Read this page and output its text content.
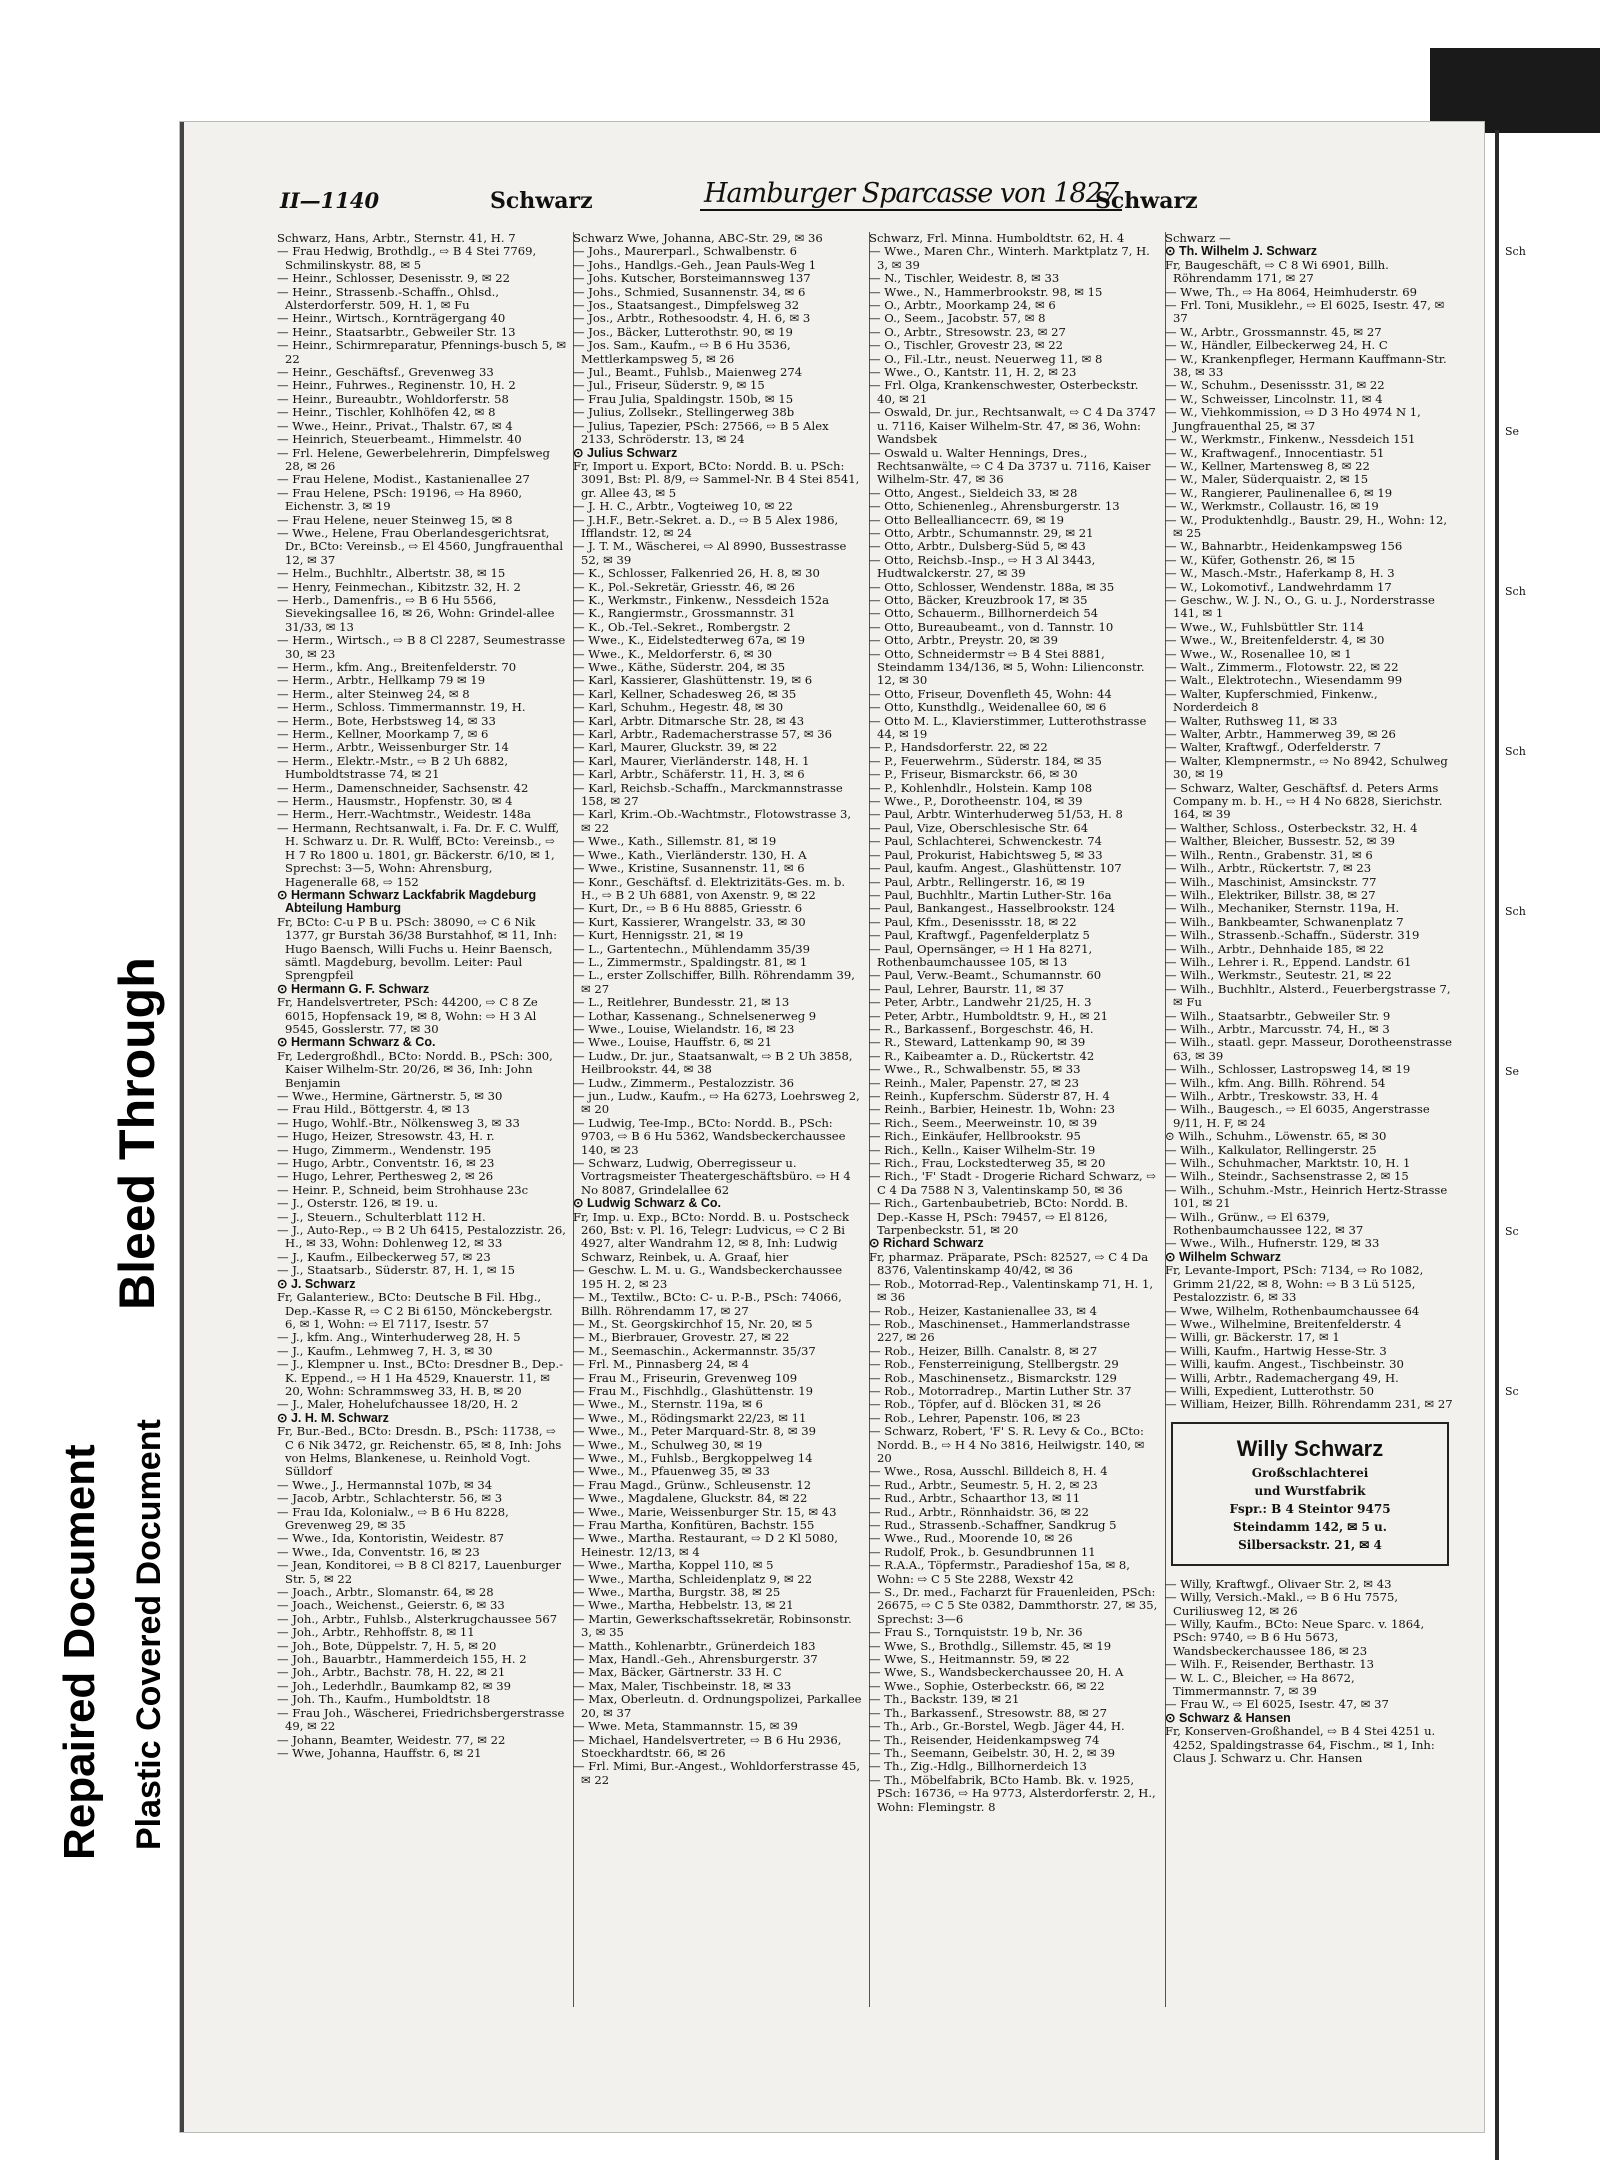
Bleed Through
Repaired Document Plastic Covered Document
II—1140	Schwarz	Hamburger Sparcasse von 1827
Schwarz

Schwarz, Hans, Arbtr., Sternstr. 41, H. 7

— Frau Hedwig, Brothdlg., ⇨ B 4 Stei 7769, Schmilinskystr. 88, ✉ 5

— Heinr., Schlosser, Desenisstr. 9, ✉ 22

— Heinr., Strassenb.-Schaffn., Ohlsd., Alsterdorferstr. 509, H. 1, ✉ Fu

— Heinr., Wirtsch., Kornträgergang 40

— Heinr., Staatsarbtr., Gebweiler Str. 13

— Heinr., Schirmreparatur, Pfennings-busch 5, ✉ 22

— Heinr., Geschäftsf., Grevenweg 33

— Heinr., Fuhrwes., Reginenstr. 10, H. 2

— Heinr., Bureaubtr., Wohldorferstr. 58

— Heinr., Tischler, Kohlhöfen 42, ✉ 8

— Wwe., Heinr., Privat., Thalstr. 67, ✉ 4

— Heinrich, Steuerbeamt., Himmelstr. 40

— Frl. Helene, Gewerbelehrerin, Dimpfelsweg 28, ✉ 26

— Frau Helene, Modist., Kastanienallee 27

— Frau Helene, PSch: 19196, ⇨ Ha 8960, Eichenstr. 3, ✉ 19

— Frau Helene, neuer Steinweg 15, ✉ 8

— Wwe., Helene, Frau Oberlandesgerichtsrat, Dr., BCto: Vereinsb., ⇨ El 4560, Jungfrauenthal 12, ✉ 37

— Helm., Buchhltr., Albertstr. 38, ✉ 15

— Henry, Feinmechan., Kibitzstr. 32, H. 2

— Herb., Damenfris., ⇨ B 6 Hu 5566, Sievekingsallee 16, ✉ 26, Wohn: Grindel-allee 31/33, ✉ 13

— Herm., Wirtsch., ⇨ B 8 Cl 2287, Seumestrasse 30, ✉ 23

— Herm., kfm. Ang., Breitenfelderstr. 70

— Herm., Arbtr., Hellkamp 79 ✉ 19

— Herm., alter Steinweg 24, ✉ 8

— Herm., Schloss. Timmermannstr. 19, H.

— Herm., Bote, Herbstsweg 14, ✉ 33

— Herm., Kellner, Moorkamp 7, ✉ 6

— Herm., Arbtr., Weissenburger Str. 14

— Herm., Elektr.-Mstr., ⇨ B 2 Uh 6882, Humboldtstrasse 74, ✉ 21

— Herm., Damenschneider, Sachsenstr. 42

— Herm., Hausmstr., Hopfenstr. 30, ✉ 4

— Herm., Herr.-Wachtmstr., Weidestr. 148a

— Hermann, Rechtsanwalt, i. Fa. Dr. F. C. Wulff, H. Schwarz u. Dr. R. Wulff, BCto: Vereinsb., ⇨ H 7 Ro 1800 u. 1801, gr. Bäckerstr. 6/10, ✉ 1, Sprechst: 3—5, Wohn: Ahrensburg, Hageneralle 68, ⇨ 152

⊙ Hermann Schwarz Lackfabrik Magdeburg Abteilung Hamburg

Fr, BCto: C-u P B u. PSch: 38090, ⇨ C 6 Nik 1377, gr Burstah 36/38 Burstahhof, ✉ 11, Inh: Hugo Baensch, Willi Fuchs u. Heinr Baensch, sämtl. Magdeburg, bevollm. Leiter: Paul Sprengpfeil

⊙ Hermann G. F. Schwarz

Fr, Handelsvertreter, PSch: 44200, ⇨ C 8 Ze 6015, Hopfensack 19, ✉ 8, Wohn: ⇨ H 3 Al 9545, Gosslerstr. 77, ✉ 30

⊙ Hermann Schwarz & Co.

Fr, Ledergroßhdl., BCto: Nordd. B., PSch: 300, Kaiser Wilhelm-Str. 20/26, ✉ 36, Inh: John Benjamin

— Wwe., Hermine, Gärtnerstr. 5, ✉ 30

— Frau Hild., Böttgerstr. 4, ✉ 13

— Hugo, Wohlf.-Btr., Nölkensweg 3, ✉ 33

— Hugo, Heizer, Stresowstr. 43, H. r.

— Hugo, Zimmerm., Wendenstr. 195

— Hugo, Arbtr., Conventstr. 16, ✉ 23

— Hugo, Lehrer, Perthesweg 2, ✉ 26

— Heinr. P., Schneid, beim Strohhause 23c

— J., Osterstr. 126, ✉ 19. u.

— J., Steuern., Schulterblatt 112 H.

— J., Auto-Rep., ⇨ B 2 Uh 6415, Pestalozzistr. 26, H., ✉ 33, Wohn: Dohlenweg 12, ✉ 33

— J., Kaufm., Eilbeckerweg 57, ✉ 23

— J., Staatsarb., Süderstr. 87, H. 1, ✉ 15

⊙ J. Schwarz

Fr, Galanteriew., BCto: Deutsche B Fil. Hbg., Dep.-Kasse R, ⇨ C 2 Bi 6150, Mönckebergstr. 6, ✉ 1, Wohn: ⇨ El 7117, Isestr. 57

— J., kfm. Ang., Winterhuderweg 28, H. 5

— J., Kaufm., Lehmweg 7, H. 3, ✉ 30

— J., Klempner u. Inst., BCto: Dresdner B., Dep.-K. Eppend., ⇨ H 1 Ha 4529, Knauerstr. 11, ✉ 20, Wohn: Schrammsweg 33, H. B, ✉ 20

— J., Maler, Hohelufchaussee 18/20, H. 2

⊙ J. H. M. Schwarz

Fr, Bur.-Bed., BCto: Dresdn. B., PSch: 11738, ⇨ C 6 Nik 3472, gr. Reichenstr. 65, ✉ 8, Inh: Johs von Helms, Blankenese, u. Reinhold Vogt. Sülldorf

— Wwe., J., Hermannstal 107b, ✉ 34

— Jacob, Arbtr., Schlachterstr. 56, ✉ 3

— Frau Ida, Kolonialw., ⇨ B 6 Hu 8228, Grevenweg 29, ✉ 35

— Wwe., Ida, Kontoristin, Weidestr. 87

— Wwe., Ida, Conventstr. 16, ✉ 23

— Jean, Konditorei, ⇨ B 8 Cl 8217, Lauenburger Str. 5, ✉ 22

— Joach., Arbtr., Slomanstr. 64, ✉ 28

— Joach., Weichenst., Geierstr. 6, ✉ 33

— Joh., Arbtr., Fuhlsb., Alsterkrugchaussee 567

— Joh., Arbtr., Rehhoffstr. 8, ✉ 11

— Joh., Bote, Düppelstr. 7, H. 5, ✉ 20

— Joh., Bauarbtr., Hammerdeich 155, H. 2

— Joh., Arbtr., Bachstr. 78, H. 22, ✉ 21

— Joh., Lederhdlr., Baumkamp 82, ✉ 39

— Joh. Th., Kaufm., Humboldtstr. 18

— Frau Joh., Wäscherei, Friedrichsbergerstrasse 49, ✉ 22

— Johann, Beamter, Weidestr. 77, ✉ 22

— Wwe, Johanna, Hauffstr. 6, ✉ 21

Schwarz Wwe, Johanna, ABC-Str. 29, ✉ 36

— Johs., Maurerparl., Schwalbenstr. 6

— Johs., Handlgs.-Geh., Jean Pauls-Weg 1

— Johs. Kutscher, Borsteimannsweg 137

— Johs., Schmied, Susannenstr. 34, ✉ 6

— Jos., Staatsangest., Dimpfelsweg 32

— Jos., Arbtr., Rothesoodstr. 4, H. 6, ✉ 3

— Jos., Bäcker, Lutterothstr. 90, ✉ 19

— Jos. Sam., Kaufm., ⇨ B 6 Hu 3536, Mettlerkampsweg 5, ✉ 26

— Jul., Beamt., Fuhlsb., Maienweg 274

— Jul., Friseur, Süderstr. 9, ✉ 15

— Frau Julia, Spaldingstr. 150b, ✉ 15

— Julius, Zollsekr., Stellingerweg 38b

— Julius, Tapezier, PSch: 27566, ⇨ B 5 Alex 2133, Schröderstr. 13, ✉ 24

⊙ Julius Schwarz

Fr, Import u. Export, BCto: Nordd. B. u. PSch: 3091, Bst: Pl. 8/9, ⇨ Sammel-Nr. B 4 Stei 8541, gr. Allee 43, ✉ 5

— J. H. C., Arbtr., Vogteiweg 10, ✉ 22

— J.H.F., Betr.-Sekret. a. D., ⇨ B 5 Alex 1986, Ifflandstr. 12, ✉ 24

— J. T. M., Wäscherei, ⇨ Al 8990, Bussestrasse 52, ✉ 39

— K., Schlosser, Falkenried 26, H. 8, ✉ 30

— K., Pol.-Sekretär, Griesstr. 46, ✉ 26

— K., Werkmstr., Finkenw., Nessdeich 152a

— K., Rangiermstr., Grossmannstr. 31

— K., Ob.-Tel.-Sekret., Rombergstr. 2

— Wwe., K., Eidelstedterweg 67a, ✉ 19

— Wwe., K., Meldorferstr. 6, ✉ 30

— Wwe., Käthe, Süderstr. 204, ✉ 35

— Karl, Kassierer, Glashüttenstr. 19, ✉ 6

— Karl, Kellner, Schadesweg 26, ✉ 35

— Karl, Schuhm., Hegestr. 48, ✉ 30

— Karl, Arbtr. Ditmarsche Str. 28, ✉ 43

— Karl, Arbtr., Rademacherstrasse 57, ✉ 36

— Karl, Maurer, Gluckstr. 39, ✉ 22

— Karl, Maurer, Vierländerstr. 148, H. 1

— Karl, Arbtr., Schäferstr. 11, H. 3, ✉ 6

— Karl, Reichsb.-Schaffn., Marckmannstrasse 158, ✉ 27

— Karl, Krim.-Ob.-Wachtmstr., Flotowstrasse 3, ✉ 22

— Wwe., Kath., Sillemstr. 81, ✉ 19

— Wwe., Kath., Vierländerstr. 130, H. A

— Wwe., Kristine, Susannenstr. 11, ✉ 6

— Konr., Geschäftsf. d. Elektrizitäts-Ges. m. b. H., ⇨ B 2 Uh 6881, von Axenstr. 9, ✉ 22

— Kurt, Dr., ⇨ B 6 Hu 8885, Griesstr. 6

— Kurt, Kassierer, Wrangelstr. 33, ✉ 30

— Kurt, Hennigsstr. 21, ✉ 19

— L., Gartentechn., Mühlendamm 35/39

— L., Zimmermstr., Spaldingstr. 81, ✉ 1

— L., erster Zollschiffer, Billh. Röhrendamm 39, ✉ 27

— L., Reitlehrer, Bundesstr. 21, ✉ 13

— Lothar, Kassenang., Schnelsenerweg 9

— Wwe., Louise, Wielandstr. 16, ✉ 23

— Wwe., Louise, Hauffstr. 6, ✉ 21

— Ludw., Dr. jur., Staatsanwalt, ⇨ B 2 Uh 3858, Heilbrookstr. 44, ✉ 38

— Ludw., Zimmerm., Pestalozzistr. 36

— jun., Ludw., Kaufm., ⇨ Ha 6273, Loehrsweg 2, ✉ 20

— Ludwig, Tee-Imp., BCto: Nordd. B., PSch: 9703, ⇨ B 6 Hu 5362, Wandsbeckerchaussee 140, ✉ 23

— Schwarz, Ludwig, Oberregisseur u. Vortragsmeister Theatergeschäftsbüro. ⇨ H 4 No 8087, Grindelallee 62

⊙ Ludwig Schwarz & Co.

Fr, Imp. u. Exp., BCto: Nordd. B. u. Postscheck 260, Bst: v. Pl. 16, Telegr: Ludvicus, ⇨ C 2 Bi 4927, alter Wandrahm 12, ✉ 8, Inh: Ludwig Schwarz, Reinbek, u. A. Graaf, hier

— Geschw. L. M. u. G., Wandsbeckerchaussee 195 H. 2, ✉ 23

— M., Textilw., BCto: C- u. P.-B., PSch: 74066, Billh. Röhrendamm 17, ✉ 27

— M., St. Georgskirchhof 15, Nr. 20, ✉ 5

— M., Bierbrauer, Grovestr. 27, ✉ 22

— M., Seemaschin., Ackermannstr. 35/37

— Frl. M., Pinnasberg 24, ✉ 4

— Frau M., Friseurin, Grevenweg 109

— Frau M., Fischhdlg., Glashüttenstr. 19

— Wwe., M., Sternstr. 119a, ✉ 6

— Wwe., M., Rödingsmarkt 22/23, ✉ 11

— Wwe., M., Peter Marquard-Str. 8, ✉ 39

— Wwe., M., Schulweg 30, ✉ 19

— Wwe., M., Fuhlsb., Bergkoppelweg 14

— Wwe., M., Pfauenweg 35, ✉ 33

— Frau Magd., Grünw., Schleusenstr. 12

— Wwe., Magdalene, Gluckstr. 84, ✉ 22

— Wwe., Marie, Weissenburger Str. 15, ✉ 43

— Frau Martha, Konfitüren, Bachstr. 155

— Wwe., Martha. Restaurant, ⇨ D 2 Kl 5080, Heinestr. 12/13, ✉ 4

— Wwe., Martha, Koppel 110, ✉ 5

— Wwe., Martha, Schleidenplatz 9, ✉ 22

— Wwe., Martha, Burgstr. 38, ✉ 25

— Wwe., Martha, Hebbelstr. 13, ✉ 21

— Martin, Gewerkschaftssekretär, Robinsonstr. 3, ✉ 35

— Matth., Kohlenarbtr., Grünerdeich 183

— Max, Handl.-Geh., Ahrensburgerstr. 37

— Max, Bäcker, Gärtnerstr. 33 H. C

— Max, Maler, Tischbeinstr. 18, ✉ 33

— Max, Oberleutn. d. Ordnungspolizei, Parkallee 20, ✉ 37

— Wwe. Meta, Stammannstr. 15, ✉ 39

— Michael, Handelsvertreter, ⇨ B 6 Hu 2936, Stoeckhardtstr. 66, ✉ 26

— Frl. Mimi, Bur.-Angest., Wohldorferstrasse 45, ✉ 22

Schwarz, Frl. Minna. Humboldtstr. 62, H. 4

— Wwe., Maren Chr., Winterh. Marktplatz 7, H. 3, ✉ 39

— N., Tischler, Weidestr. 8, ✉ 33

— Wwe., N., Hammerbrookstr. 98, ✉ 15

— O., Arbtr., Moorkamp 24, ✉ 6

— O., Seem., Jacobstr. 57, ✉ 8

— O., Arbtr., Stresowstr. 23, ✉ 27

— O., Tischler, Grovestr 23, ✉ 22

— O., Fil.-Ltr., neust. Neuerweg 11, ✉ 8

— Wwe., O., Kantstr. 11, H. 2, ✉ 23

— Frl. Olga, Krankenschwester, Osterbeckstr. 40, ✉ 21

— Oswald, Dr. jur., Rechtsanwalt, ⇨ C 4 Da 3747 u. 7116, Kaiser Wilhelm-Str. 47, ✉ 36, Wohn: Wandsbek

— Oswald u. Walter Hennings, Dres., Rechtsanwälte, ⇨ C 4 Da 3737 u. 7116, Kaiser Wilhelm-Str. 47, ✉ 36

— Otto, Angest., Sieldeich 33, ✉ 28

— Otto, Schienenleg., Ahrensburgerstr. 13

— Otto Belleallianceстr. 69, ✉ 19

— Otto, Arbtr., Schumannstr. 29, ✉ 21

— Otto, Arbtr., Dulsberg-Süd 5, ✉ 43

— Otto, Reichsb.-Insp., ⇨ H 3 Al 3443, Hudtwalckerstr. 27, ✉ 39

— Otto, Schlosser, Wendenstr. 188a, ✉ 35

— Otto, Bäcker, Kreuzbrook 17, ✉ 35

— Otto, Schauerm., Billhornerdeich 54

— Otto, Bureaubeamt., von d. Tannstr. 10

— Otto, Arbtr., Preystr. 20, ✉ 39

— Otto, Schneidermstr ⇨ B 4 Stei 8881, Steindamm 134/136, ✉ 5, Wohn: Lilienconstr. 12, ✉ 30

— Otto, Friseur, Dovenfleth 45, Wohn: 44

— Otto, Kunsthdlg., Weidenallee 60, ✉ 6

— Otto M. L., Klavierstimmer, Lutterothstrasse 44, ✉ 19

— P., Handsdorferstr. 22, ✉ 22

— P., Feuerwehrm., Süderstr. 184, ✉ 35

— P., Friseur, Bismarckstr. 66, ✉ 30

— P., Kohlenhdlr., Holstein. Kamp 108

— Wwe., P., Dorotheenstr. 104, ✉ 39

— Paul, Arbtr. Winterhuderweg 51/53, H. 8

— Paul, Vize, Oberschlesische Str. 64

— Paul, Schlachterei, Schwenckestr. 74

— Paul, Prokurist, Habichtsweg 5, ✉ 33

— Paul, kaufm. Angest., Glashüttenstr. 107

— Paul, Arbtr., Rellingerstr. 16, ✉ 19

— Paul, Buchhltr., Martin Luther-Str. 16a

— Paul, Bankangest., Hasselbrookstr. 124

— Paul, Kfm., Desenissstr. 18, ✉ 22

— Paul, Kraftwgf., Pagenfelderplatz 5

— Paul, Opernsänger, ⇨ H 1 Ha 8271, Rothenbaumchaussee 105, ✉ 13

— Paul, Verw.-Beamt., Schumannstr. 60

— Paul, Lehrer, Baurstr. 11, ✉ 37

— Peter, Arbtr., Landwehr 21/25, H. 3

— Peter, Arbtr., Humboldtstr. 9, H., ✉ 21

— R., Barkassenf., Borgeschstr. 46, H.

— R., Steward, Lattenkamp 90, ✉ 39

— R., Kaibeamter a. D., Rückertstr. 42

— Wwe., R., Schwalbenstr. 55, ✉ 33

— Reinh., Maler, Papenstr. 27, ✉ 23

— Reinh., Kupferschm. Süderstr 87, H. 4

— Reinh., Barbier, Heinestr. 1b, Wohn: 23

— Rich., Seem., Meerweinstr. 10, ✉ 39

— Rich., Einkäufer, Hellbrookstr. 95

— Rich., Kelln., Kaiser Wilhelm-Str. 19

— Rich., Frau, Lockstedterweg 35, ✉ 20

— Rich., 'F' Stadt - Drogerie Richard Schwarz, ⇨ C 4 Da 7588 N 3, Valentinskamp 50, ✉ 36

— Rich., Gartenbaubetrieb, BCto: Nordd. B. Dep.-Kasse H, PSch: 79457, ⇨ El 8126, Tarpenbeckstr. 51, ✉ 20

⊙ Richard Schwarz

Fr, pharmaz. Präparate, PSch: 82527, ⇨ C 4 Da 8376, Valentinskamp 40/42, ✉ 36

— Rob., Motorrad-Rep., Valentinskamp 71, H. 1, ✉ 36

— Rob., Heizer, Kastanienallee 33, ✉ 4

— Rob., Maschinenset., Hammerlandstrasse 227, ✉ 26

— Rob., Heizer, Billh. Canalstr. 8, ✉ 27

— Rob., Fensterreinigung, Stellbergstr. 29

— Rob., Maschinensetz., Bismarckstr. 129

— Rob., Motorradrep., Martin Luther Str. 37

— Rob., Töpfer, auf d. Blöcken 31, ✉ 26

— Rob., Lehrer, Papenstr. 106, ✉ 23

— Schwarz, Robert, 'F' S. R. Levy & Co., BCto: Nordd. B., ⇨ H 4 No 3816, Heilwigstr. 140, ✉ 20

— Wwe., Rosa, Ausschl. Billdeich 8, H. 4

— Rud., Arbtr., Seumestr. 5, H. 2, ✉ 23

— Rud., Arbtr., Schaarthor 13, ✉ 11

— Rud., Arbtr., Rönnhaidstr. 36, ✉ 22

— Rud., Strassenb.-Schaffner, Sandkrug 5

— Wwe., Rud., Moorende 10, ✉ 26

— Rudolf, Prok., b. Gesundbrunnen 11

— R.A.A., Töpfermstr., Paradieshof 15a, ✉ 8, Wohn: ⇨ C 5 Ste 2288, Wexstr 42

— S., Dr. med., Facharzt für Frauenleiden, PSch: 26675, ⇨ C 5 Ste 0382, Dammthorstr. 27, ✉ 35, Sprechst: 3—6

— Frau S., Tornquiststr. 19 b, Nr. 36

— Wwe, S., Brothdlg., Sillemstr. 45, ✉ 19

— Wwe, S., Heitmannstr. 59, ✉ 22

— Wwe, S., Wandsbeckerchaussee 20, H. A

— Wwe., Sophie, Osterbeckstr. 66, ✉ 22

— Th., Backstr. 139, ✉ 21

— Th., Barkassenf., Stresowstr. 88, ✉ 27

— Th., Arb., Gr.-Borstel, Wegb. Jäger 44, H.

— Th., Reisender, Heidenkampsweg 74

— Th., Seemann, Geibelstr. 30, H. 2, ✉ 39

— Th., Zig.-Hdlg., Billhornerdeich 13

— Th., Möbelfabrik, BCto Hamb. Bk. v. 1925, PSch: 16736, ⇨ Ha 9773, Alsterdorferstr. 2, H., Wohn: Flemingstr. 8

Schwarz —

⊙ Th. Wilhelm J. Schwarz

Fr, Baugeschäft, ⇨ C 8 Wi 6901, Billh. Röhrendamm 171, ✉ 27

— Wwe, Th., ⇨ Ha 8064, Heimhuderstr. 69

— Frl. Toni, Musiklehr., ⇨ El 6025, Isestr. 47, ✉ 37

— W., Arbtr., Grossmannstr. 45, ✉ 27

— W., Händler, Eilbeckerweg 24, H. C

— W., Krankenpfleger, Hermann Kauffmann-Str. 38, ✉ 33

— W., Schuhm., Desenissstr. 31, ✉ 22

— W., Schweisser, Lincolnstr. 11, ✉ 4

— W., Viehkommission, ⇨ D 3 Ho 4974 N 1, Jungfrauenthal 25, ✉ 37

— W., Werkmstr., Finkenw., Nessdeich 151

— W., Kraftwagenf., Innocentiastr. 51

— W., Kellner, Martensweg 8, ✉ 22

— W., Maler, Süderquaistr. 2, ✉ 15

— W., Rangierer, Paulinenallee 6, ✉ 19

— W., Werkmstr., Collaustr. 16, ✉ 19

— W., Produktenhdlg., Baustr. 29, H., Wohn: 12, ✉ 25

— W., Bahnarbtr., Heidenkampsweg 156

— W., Küfer, Gothenstr. 26, ✉ 15

— W., Masch.-Mstr., Haferkamp 8, H. 3

— W., Lokomotivf., Landwehrdamm 17

— Geschw., W. J. N., O., G. u. J., Norderstrasse 141, ✉ 1

— Wwe., W., Fuhlsbüttler Str. 114

— Wwe., W., Breitenfelderstr. 4, ✉ 30

— Wwe., W., Rosenallee 10, ✉ 1

— Walt., Zimmerm., Flotowstr. 22, ✉ 22

— Walt., Elektrotechn., Wiesendamm 99

— Walter, Kupferschmied, Finkenw., Norderdeich 8

— Walter, Ruthsweg 11, ✉ 33

— Walter, Arbtr., Hammerweg 39, ✉ 26

— Walter, Kraftwgf., Oderfelderstr. 7

— Walter, Klempnermstr., ⇨ No 8942, Schulweg 30, ✉ 19

— Schwarz, Walter, Geschäftsf. d. Peters Arms Company m. b. H., ⇨ H 4 No 6828, Sierichstr. 164, ✉ 39

— Walther, Schloss., Osterbeckstr. 32, H. 4

— Walther, Bleicher, Bussestr. 52, ✉ 39

— Wilh., Rentn., Grabenstr. 31, ✉ 6

— Wilh., Arbtr., Rückertstr. 7, ✉ 23

— Wilh., Maschinist, Amsinckstr. 77

— Wilh., Elektriker, Billstr. 38, ✉ 27

— Wilh., Mechaniker, Sternstr. 119a, H.

— Wilh., Bankbeamter, Schwanenplatz 7

— Wilh., Strassenb.-Schaffn., Süderstr. 319

— Wilh., Arbtr., Dehnhaide 185, ✉ 22

— Wilh., Lehrer i. R., Eppend. Landstr. 61

— Wilh., Werkmstr., Seutestr. 21, ✉ 22

— Wilh., Buchhltr., Alsterd., Feuerbergstrasse 7, ✉ Fu

— Wilh., Staatsarbtr., Gebweiler Str. 9

— Wilh., Arbtr., Marcusstr. 74, H., ✉ 3

— Wilh., staatl. gepr. Masseur, Dorotheenstrasse 63, ✉ 39

— Wilh., Schlosser, Lastropsweg 14, ✉ 19

— Wilh., kfm. Ang. Billh. Röhrend. 54

— Wilh., Arbtr., Treskowstr. 33, H. 4

— Wilh., Baugesch., ⇨ El 6035, Angerstrasse 9/11, H. F, ✉ 24

⊙ Wilh., Schuhm., Löwenstr. 65, ✉ 30

— Wilh., Kalkulator, Rellingerstr. 25

— Wilh., Schuhmacher, Marktstr. 10, H. 1

— Wilh., Steindr., Sachsenstrasse 2, ✉ 15

— Wilh., Schuhm.-Mstr., Heinrich Hertz-Strasse 101, ✉ 21

— Wilh., Grünw., ⇨ El 6379, Rothenbaumchaussee 122, ✉ 37

— Wwe., Wilh., Hufnerstr. 129, ✉ 33

⊙ Wilhelm Schwarz

Fr, Levante-Import, PSch: 7134, ⇨ Ro 1082, Grimm 21/22, ✉ 8, Wohn: ⇨ B 3 Lü 5125, Pestalozzistr. 6, ✉ 33

— Wwe, Wilhelm, Rothenbaumchaussee 64

— Wwe., Wilhelmine, Breitenfelderstr. 4

— Willi, gr. Bäckerstr. 17, ✉ 1

— Willi, Kaufm., Hartwig Hesse-Str. 3

— Willi, kaufm. Angest., Tischbeinstr. 30

— Willi, Arbtr., Rademachergang 49, H.

— Willi, Expedient, Lutterothstr. 50

— William, Heizer, Billh. Röhrendamm 231, ✉ 27

Willy Schwarz
Großschlachterei
und Wurstfabrik
Fspr.: B 4 Steintor 9475
Steindamm 142, ✉ 5 u.
Silbersackstr. 21, ✉ 4

— Willy, Kraftwgf., Olivaer Str. 2, ✉ 43

— Willy, Versich.-Makl., ⇨ B 6 Hu 7575, Curiliusweg 12, ✉ 26

— Willy, Kaufm., BCto: Neue Sparc. v. 1864, PSch: 9740, ⇨ B 6 Hu 5673, Wandsbeckerchaussee 186, ✉ 23

— Wilh. F., Reisender, Berthastr. 13

— W. L. C., Bleicher, ⇨ Ha 8672, Timmermannstr. 7, ✉ 39

— Frau W., ⇨ El 6025, Isestr. 47, ✉ 37

⊙ Schwarz & Hansen

Fr, Konserven-Großhandel, ⇨ B 4 Stei 4251 u. 4252, Spaldingstrasse 64, Fischm., ✉ 1, Inh: Claus J. Schwarz u. Chr. Hansen

Sch
Se
Sch
Sch
Sch
Se
Sc
Sc
